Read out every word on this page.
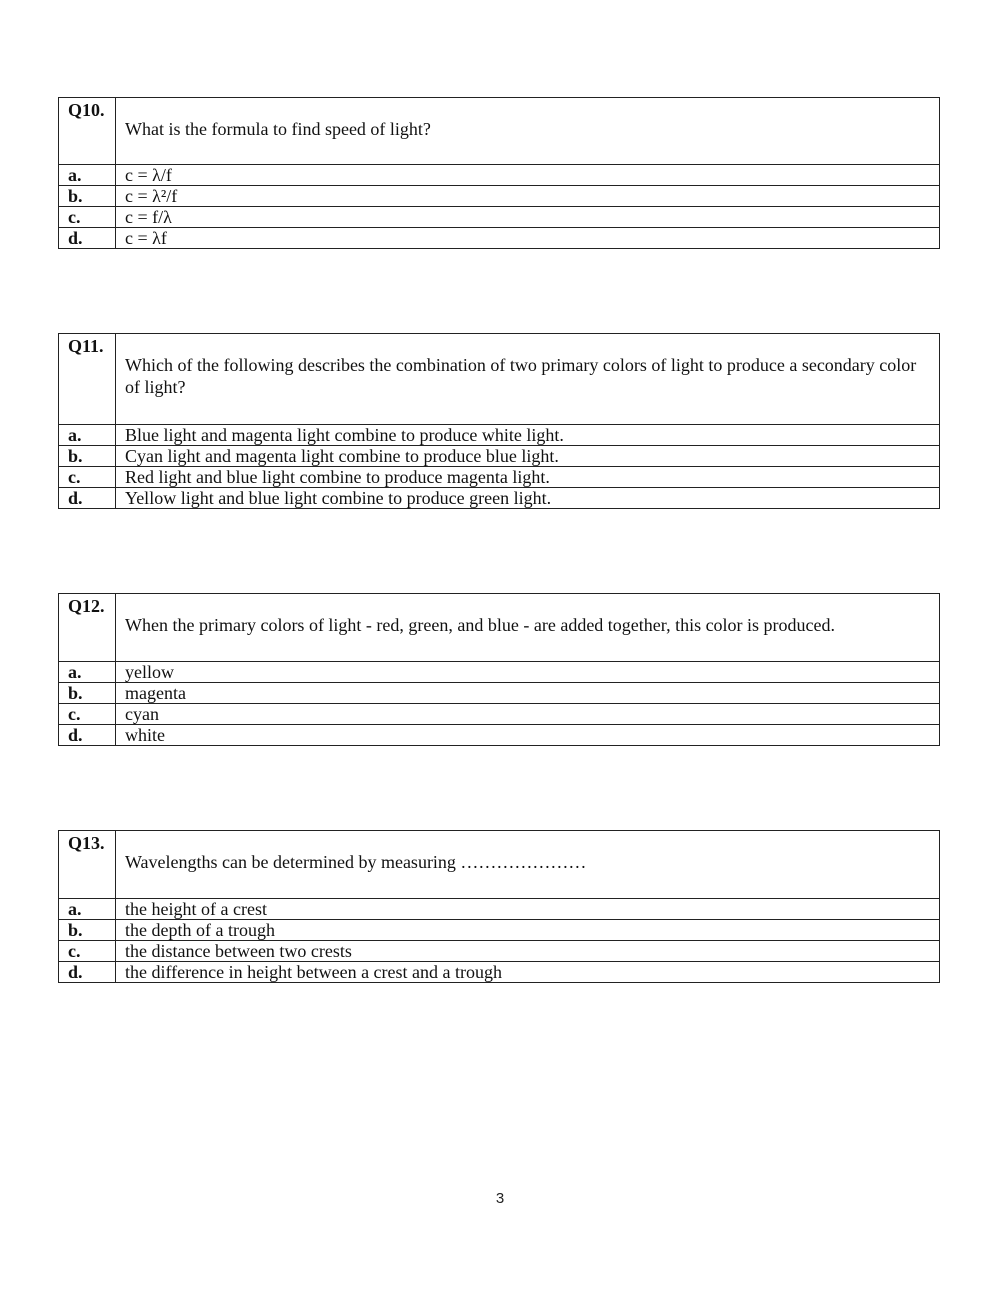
Q10.	What is the formula to find speed of light?

a.	c = λ/f
b.	c = λ²/f
c.	c = f/λ
d.	c = λf
Q11.	Which of the following describes the combination of two primary colors of light to produce a secondary color of light?

a.	Blue light and magenta light combine to produce white light.
b.	Cyan light and magenta light combine to produce blue light.
c.	Red light and blue light combine to produce magenta light.
d.	Yellow light and blue light combine to produce green light.
Q12.	When the primary colors of light - red, green, and blue - are added together, this color is produced.

a.	yellow
b.	magenta
c.	cyan
d.	white
Q13.	Wavelengths can be determined by measuring …………………

a.	the height of a crest
b.	the depth of a trough
c.	the distance between two crests
d.	the difference in height between a crest and a trough
3
